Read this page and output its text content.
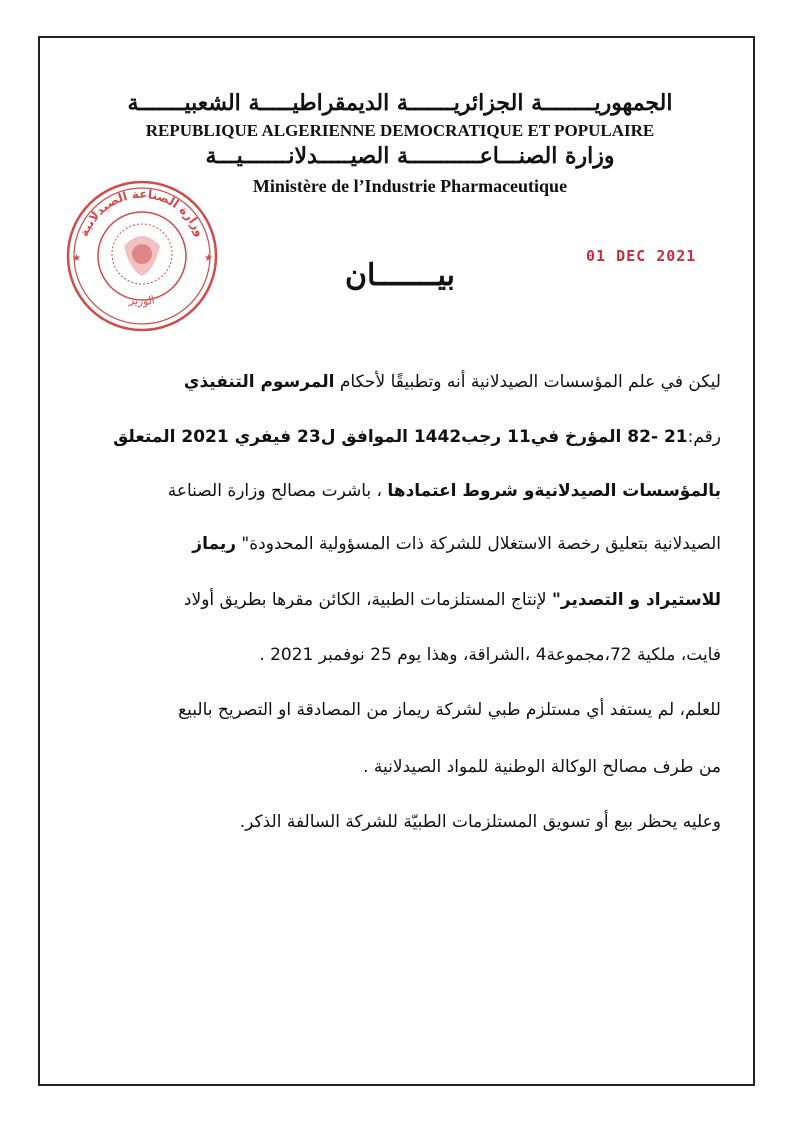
الجمهوريــــــــة الجزائريـــــــة الديمقراطيـــــة الشعبيـــــــة
REPUBLIQUE ALGERIENNE DEMOCRATIQUE ET POPULAIRE
وزارة الصنـــاعـــــــــــة الصيـــــدلانـــــــيـــة
Ministère de l’Industrie Pharmaceutique
وزارة الصناعة الصيدلانية
الوزير
★	★	01 DEC 2021
بيـــــــان
ليكن في علم المؤسسات الصيدلانية أنه وتطبيقًا لأحكام المرسوم التنفيذي
رقم:21 -82 المؤرخ في11 رجب1442 الموافق ل23 فيفري 2021 المتعلق
بالمؤسسات الصيدلانيةو شروط اعتمادها ، باشرت مصالح وزارة الصناعة
الصيدلانية بتعليق رخصة الاستغلال للشركة ذات المسؤولية المحدودة" ريماز
للاستيراد و التصدير" لإنتاج المستلزمات الطبية، الكائن مقرها بطريق أولاد
فايت، ملكية 72،مجموعة4 ،الشراقة، وهذا يوم 25 نوفمبر 2021 .
للعلم، لم يستفد أي مستلزم طبي لشركة ريماز من المصادقة او التصريح بالبيع
من طرف مصالح الوكالة الوطنية للمواد الصيدلانية .
وعليه يحظر بيع أو تسويق المستلزمات الطبيّة للشركة السالفة الذكر.
